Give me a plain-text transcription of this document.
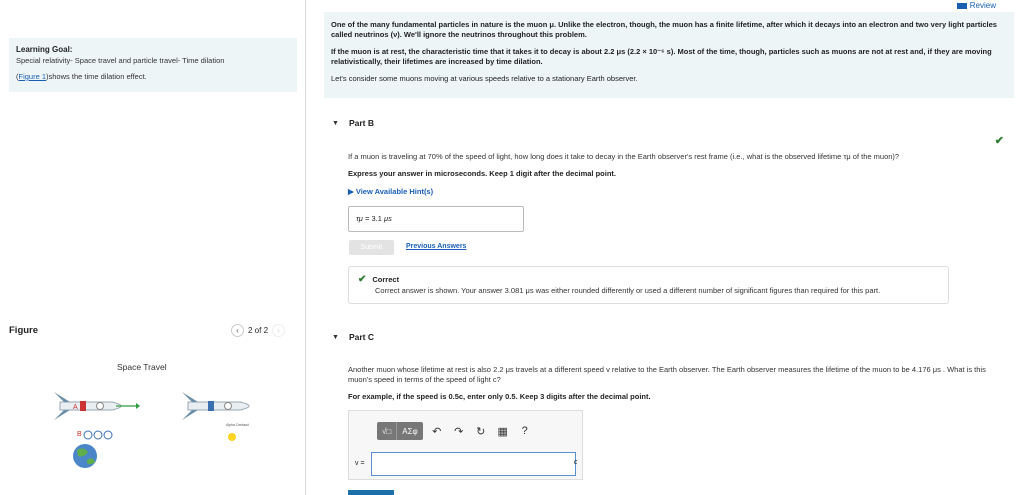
Learning Goal:
Special relativity- Space travel and particle travel- Time dilation
(Figure 1)shows the time dilation effect.
Figure	‹	2 of 2	›
Space Travel
A
Alpha Centauri
B
Review

One of the many fundamental particles in nature is the muon μ. Unlike the electron, though, the muon has a finite lifetime, after which it decays into an electron and two very light particles called neutrinos (ν). We'll ignore the neutrinos throughout this problem.

If the muon is at rest, the characteristic time that it takes it to decay is about 2.2 μs (2.2 × 10⁻⁶ s). Most of the time, though, particles such as muons are not at rest and, if they are moving relativistically, their lifetimes are increased by time dilation.

Let's consider some muons moving at various speeds relative to a stationary Earth observer.

▼ Part B
✔
If a muon is traveling at 70% of the speed of light, how long does it take to decay in the Earth observer's rest frame (i.e., what is the observed lifetime τμ of the muon)?
Express your answer in microseconds. Keep 1 digit after the decimal point.
▶ View Available Hint(s)
τμ = 3.1 μs
Submit	Previous Answers
✔ Correct
Correct answer is shown. Your answer 3.081 μs was either rounded differently or used a different number of significant figures than required for this part.
▼ Part C
Another muon whose lifetime at rest is also 2.2 μs travels at a different speed v relative to the Earth observer. The Earth observer measures the lifetime of the muon to be 4.176 μs . What is this muon's speed in terms of the speed of light c?
For example, if the speed is 0.5c, enter only 0.5. Keep 3 digits after the decimal point.
√□	ΑΣφ	↶	↷	↻	▦	?
v =	c
